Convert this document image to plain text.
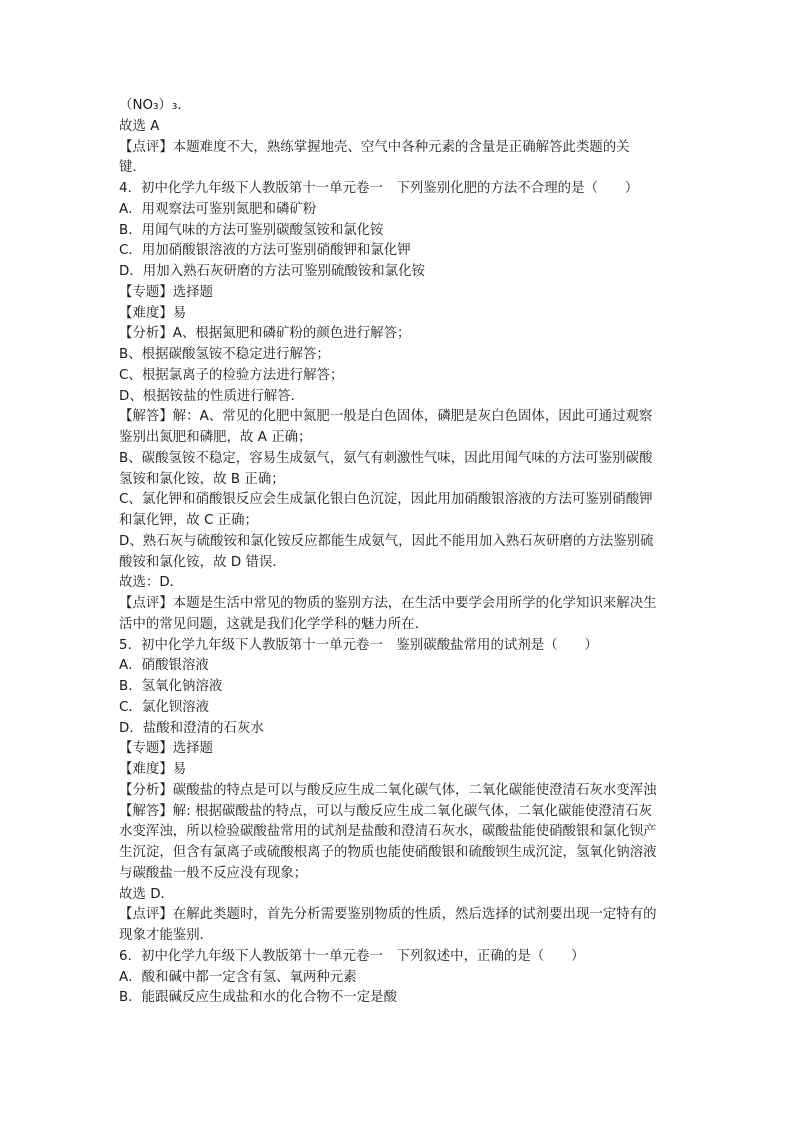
（NO₃）₃．
故选 A
【点评】本题难度不大，熟练掌握地壳、空气中各种元素的含量是正确解答此类题的关
键．
4．初中化学九年级下人教版第十一单元卷一　下列鉴别化肥的方法不合理的是（　　）
A．用观察法可鉴别氮肥和磷矿粉
B．用闻气味的方法可鉴别碳酸氢铵和氯化铵
C．用加硝酸银溶液的方法可鉴别硝酸钾和氯化钾
D．用加入熟石灰研磨的方法可鉴别硫酸铵和氯化铵
【专题】选择题
【难度】易
【分析】A、根据氮肥和磷矿粉的颜色进行解答；
B、根据碳酸氢铵不稳定进行解答；
C、根据氯离子的检验方法进行解答；
D、根据铵盐的性质进行解答．
【解答】解：A、常见的化肥中氮肥一般是白色固体，磷肥是灰白色固体，因此可通过观察
鉴别出氮肥和磷肥，故 A 正确；
B、碳酸氢铵不稳定，容易生成氨气，氨气有刺激性气味，因此用闻气味的方法可鉴别碳酸
氢铵和氯化铵，故 B 正确；
C、氯化钾和硝酸银反应会生成氯化银白色沉淀，因此用加硝酸银溶液的方法可鉴别硝酸钾
和氯化钾，故 C 正确；
D、熟石灰与硫酸铵和氯化铵反应都能生成氨气，因此不能用加入熟石灰研磨的方法鉴别硫
酸铵和氯化铵，故 D 错误．
故选：D．
【点评】本题是生活中常见的物质的鉴别方法，在生活中要学会用所学的化学知识来解决生
活中的常见问题，这就是我们化学学科的魅力所在．
5．初中化学九年级下人教版第十一单元卷一　鉴别碳酸盐常用的试剂是（　　）
A．硝酸银溶液
B．氢氧化钠溶液
C．氯化钡溶液
D．盐酸和澄清的石灰水
【专题】选择题
【难度】易
【分析】碳酸盐的特点是可以与酸反应生成二氧化碳气体，二氧化碳能使澄清石灰水变浑浊
【解答】解: 根据碳酸盐的特点，可以与酸反应生成二氧化碳气体，二氧化碳能使澄清石灰
水变浑浊，所以检验碳酸盐常用的试剂是盐酸和澄清石灰水，碳酸盐能使硝酸银和氯化钡产
生沉淀，但含有氯离子或硫酸根离子的物质也能使硝酸银和硫酸钡生成沉淀，氢氧化钠溶液
与碳酸盐一般不反应没有现象；
故选 D．
【点评】在解此类题时，首先分析需要鉴别物质的性质，然后选择的试剂要出现一定特有的
现象才能鉴别．
6．初中化学九年级下人教版第十一单元卷一　下列叙述中，正确的是（　　）
A．酸和碱中都一定含有氢、氧两种元素
B．能跟碱反应生成盐和水的化合物不一定是酸
